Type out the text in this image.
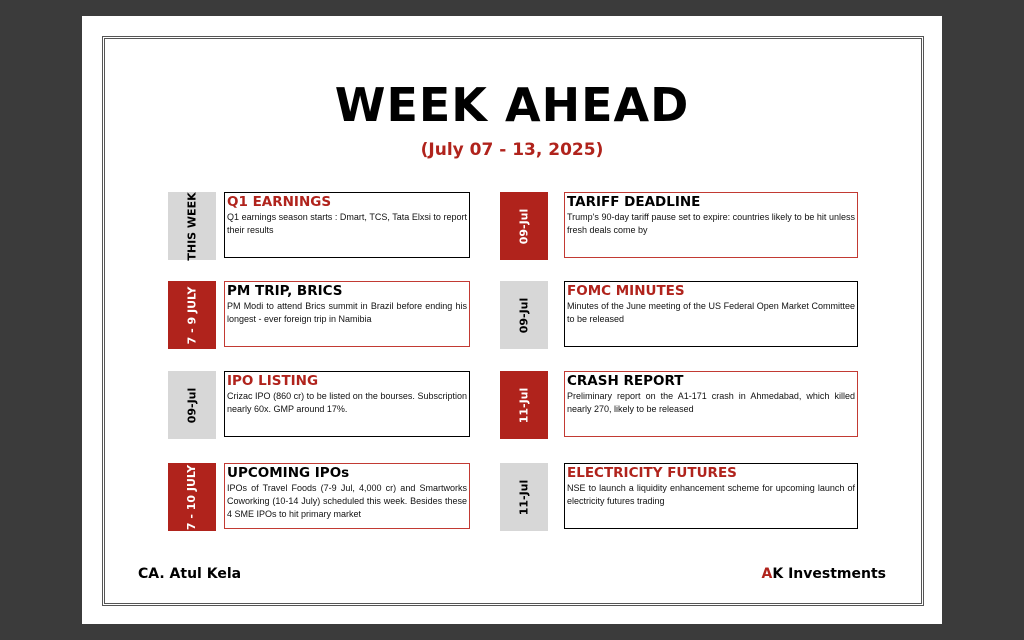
WEEK AHEAD
(July 07 - 13, 2025)
THIS WEEK Q1 EARNINGS

Q1 earnings season starts : Dmart, TCS, Tata Elxsi to report their results

7 - 9 JULY PM TRIP, BRICS

PM Modi to attend Brics summit in Brazil before ending his longest - ever foreign trip in Namibia

09-Jul
IPO LISTING

Crizac IPO (860 cr) to be listed on the bourses. Subscription nearly 60x. GMP around 17%.

7 - 10 JULY UPCOMING IPOs

IPOs of Travel Foods (7-9 Jul, 4,000 cr) and Smartworks Coworking (10-14 July) scheduled this week. Besides these 4 SME IPOs to hit primary market

09-Jul
TARIFF DEADLINE

Trump's 90-day tariff pause set to expire: countries likely to be hit unless fresh deals come by

09-Jul
FOMC MINUTES

Minutes of the June meeting of the US Federal Open Market Committee to be released

11-Jul
CRASH REPORT

Preliminary report on the A1-171 crash in Ahmedabad, which killed nearly 270, likely to be released

11-Jul
ELECTRICITY FUTURES

NSE to launch a liquidity enhancement scheme for upcoming launch of electricity futures trading

CA. Atul Kela	AK Investments
